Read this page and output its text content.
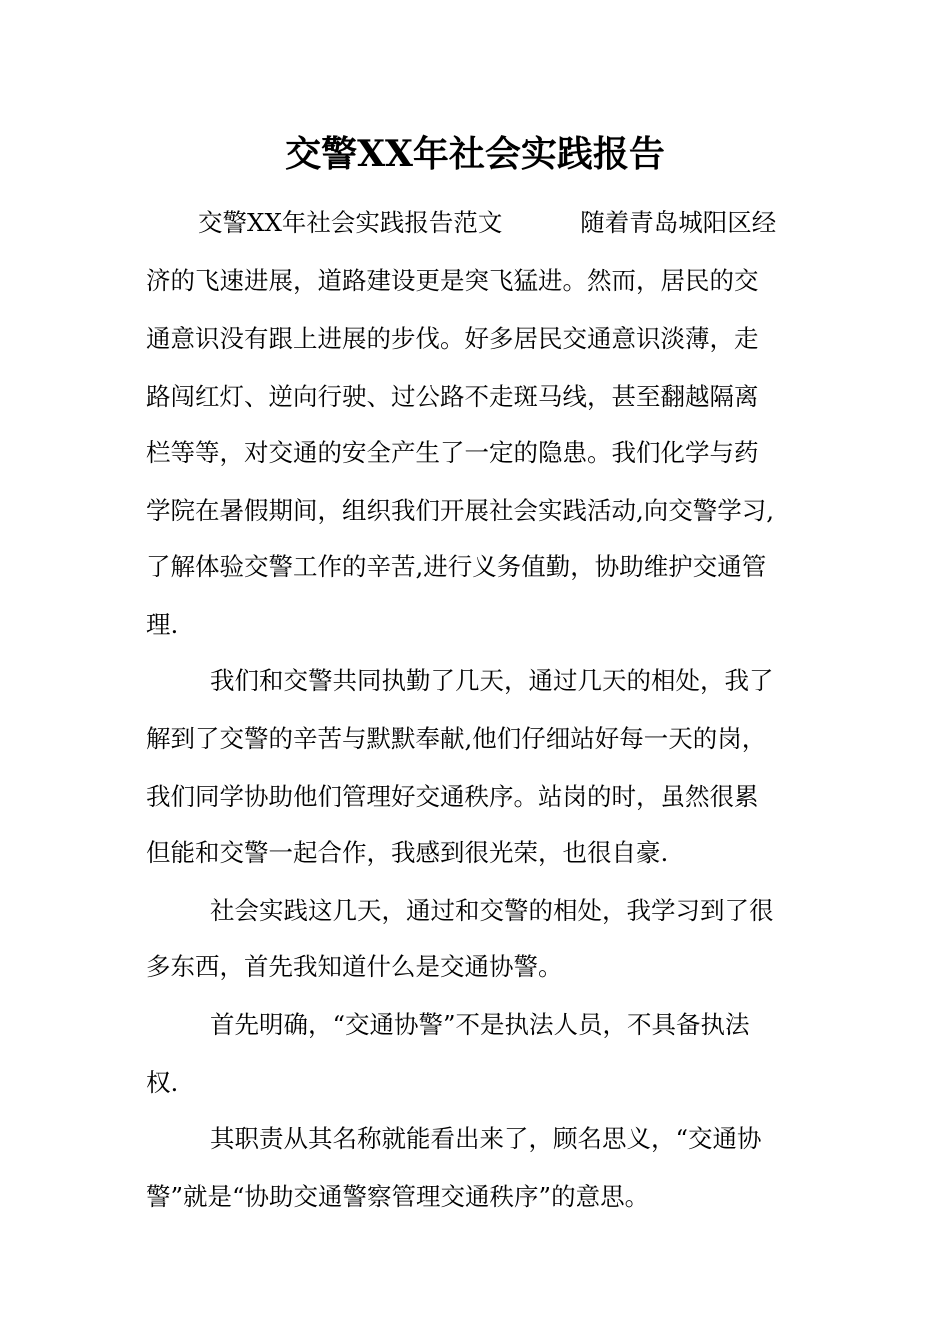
交警XX年社会实践报告

交警XX年社会实践报告范文          随着青岛城阳区经

济的飞速进展，道路建设更是突飞猛进。然而，居民的交

通意识没有跟上进展的步伐。好多居民交通意识淡薄，走

路闯红灯、逆向行驶、过公路不走斑马线，甚至翻越隔离

栏等等，对交通的安全产生了一定的隐患。我们化学与药

学院在暑假期间，组织我们开展社会实践活动,向交警学习,

了解体验交警工作的辛苦,进行义务值勤，协助维护交通管

理.

我们和交警共同执勤了几天，通过几天的相处，我了

解到了交警的辛苦与默默奉献,他们仔细站好每一天的岗，

我们同学协助他们管理好交通秩序。站岗的时，虽然很累

但能和交警一起合作，我感到很光荣，也很自豪.

社会实践这几天，通过和交警的相处，我学习到了很

多东西，首先我知道什么是交通协警。

首先明确，“交通协警”不是执法人员，不具备执法

权.

其职责从其名称就能看出来了，顾名思义，“交通协

警”就是“协助交通警察管理交通秩序”的意思。
